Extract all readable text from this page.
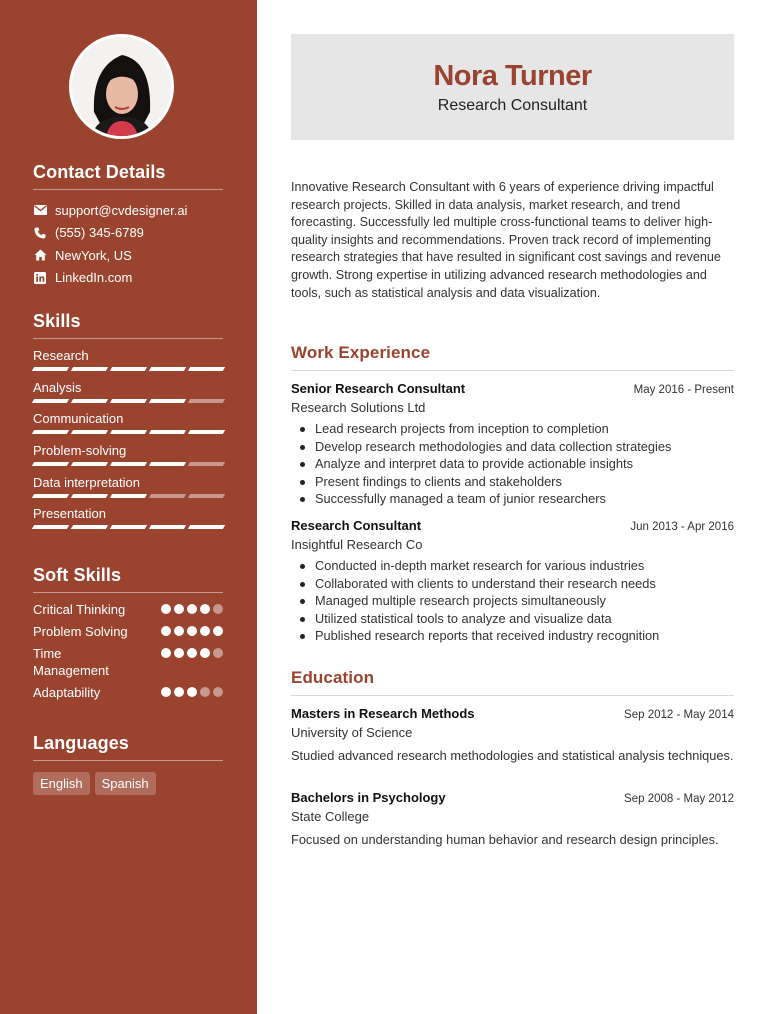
Contact Details
support@cvdesigner.ai
(555) 345-6789
NewYork, US
LinkedIn.com
Skills
Research
Analysis
Communication
Problem-solving
Data interpretation
Presentation
Soft Skills
Critical Thinking
Problem Solving
Time
Management
Adaptability
Languages
English	Spanish
Nora Turner
Research Consultant
Innovative Research Consultant with 6 years of experience driving impactful research projects. Skilled in data analysis, market research, and trend forecasting. Successfully led multiple cross-functional teams to deliver high-quality insights and recommendations. Proven track record of implementing research strategies that have resulted in significant cost savings and revenue growth. Strong expertise in utilizing advanced research methodologies and tools, such as statistical analysis and data visualization.
Work Experience
Senior Research Consultant	May 2016 - Present
Research Solutions Ltd
Lead research projects from inception to completion
Develop research methodologies and data collection strategies
Analyze and interpret data to provide actionable insights
Present findings to clients and stakeholders
Successfully managed a team of junior researchers
Research Consultant	Jun 2013 - Apr 2016
Insightful Research Co
Conducted in-depth market research for various industries
Collaborated with clients to understand their research needs
Managed multiple research projects simultaneously
Utilized statistical tools to analyze and visualize data
Published research reports that received industry recognition
Education
Masters in Research Methods	Sep 2012 - May 2014
University of Science
Studied advanced research methodologies and statistical analysis techniques.
Bachelors in Psychology	Sep 2008 - May 2012
State College
Focused on understanding human behavior and research design principles.
